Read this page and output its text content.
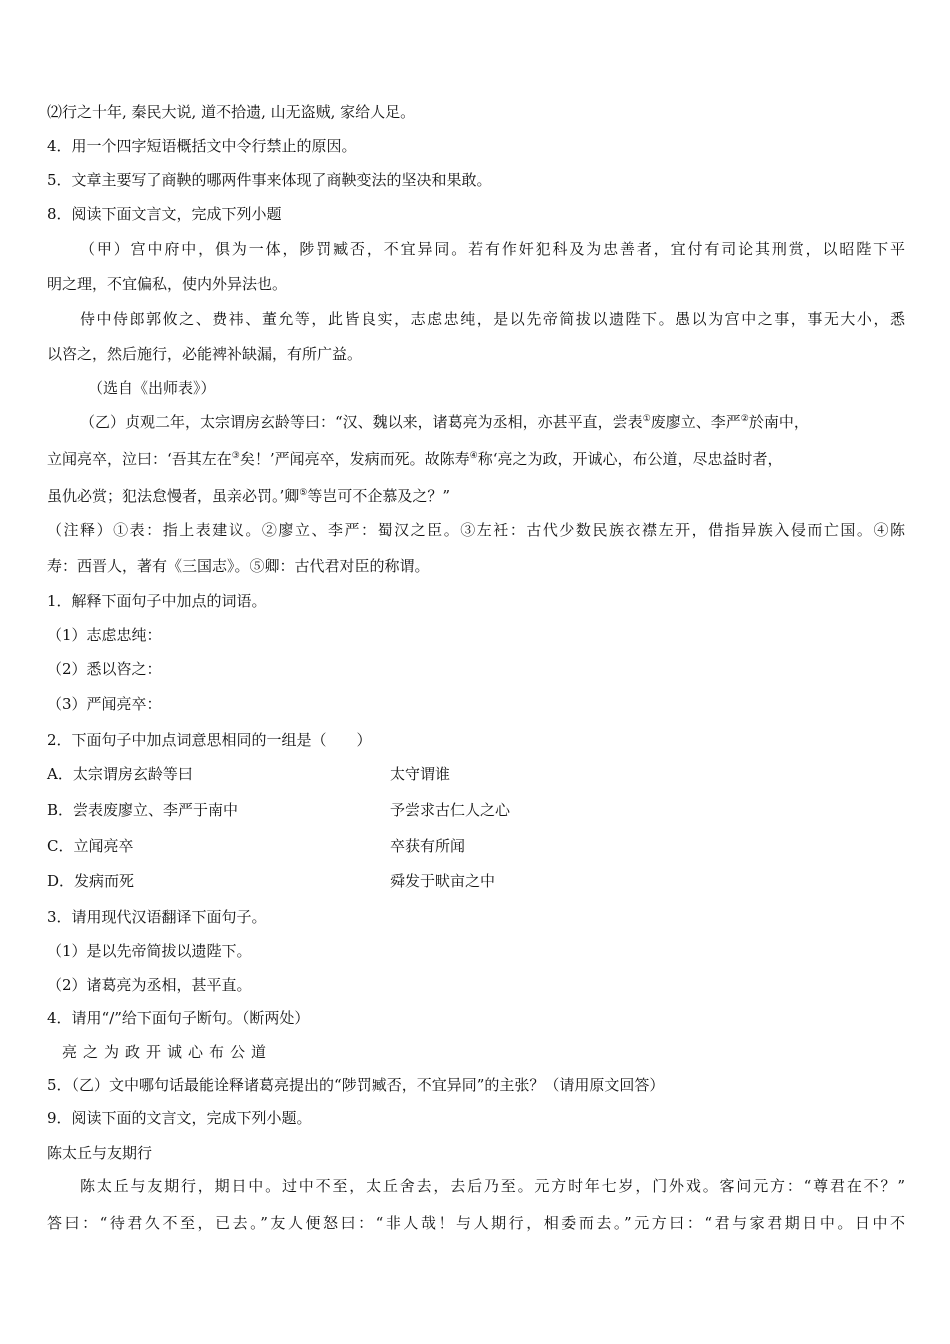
⑵行之十年, 秦民大说, 道不拾遗, 山无盗贼, 家给人足。
4．用一个四字短语概括文中令行禁止的原因。
5．文章主要写了商鞅的哪两件事来体现了商鞅变法的坚决和果敢。
8．阅读下面文言文，完成下列小题
（甲）宫中府中，俱为一体，陟罚臧否，不宜异同。若有作奸犯科及为忠善者，宜付有司论其刑赏，以昭陛下平
明之理，不宜偏私，使内外异法也。
侍中侍郎郭攸之、费祎、董允等，此皆良实，志虑忠纯，是以先帝简拔以遗陛下。愚以为宫中之事，事无大小，悉
以咨之，然后施行，必能裨补缺漏，有所广益。
（选自《出师表》）
（乙）贞观二年，太宗谓房玄龄等曰：“汉、魏以来，诸葛亮为丞相，亦甚平直，尝表①废廖立、李严②於南中，
立闻亮卒，泣曰：‘吾其左在③矣！’严闻亮卒，发病而死。故陈寿④称‘亮之为政，开诚心，布公道，尽忠益时者，
虽仇必赏；犯法怠慢者，虽亲必罚。’卿⑤等岂可不企慕及之？”
（注释）①表：指上表建议。②廖立、李严：蜀汉之臣。③左衽：古代少数民族衣襟左开，借指异族入侵而亡国。④陈
寿：西晋人，著有《三国志》。⑤卿：古代君对臣的称谓。
1．解释下面句子中加点的词语。
（1）志虑忠纯：
（2）悉以咨之：
（3）严闻亮卒：
2．下面句子中加点词意思相同的一组是（　　）
A．太宗谓房玄龄等曰	太守谓谁
B．尝表废廖立、李严于南中	予尝求古仁人之心
C．立闻亮卒	卒获有所闻
D．发病而死	舜发于畎亩之中
3．请用现代汉语翻译下面句子。
（1）是以先帝简拔以遗陛下。
（2）诸葛亮为丞相，甚平直。
4．请用“/”给下面句子断句。（断两处）
亮之为政开诚心布公道
5．（乙）文中哪句话最能诠释诸葛亮提出的“陟罚臧否，不宜异同”的主张？（请用原文回答）
9．阅读下面的文言文，完成下列小题。
陈太丘与友期行
陈太丘与友期行，期日中。过中不至，太丘舍去，去后乃至。元方时年七岁，门外戏。客问元方：“尊君在不？”
答曰：“待君久不至，已去。”友人便怒曰：“非人哉！与人期行，相委而去。”元方曰：“君与家君期日中。日中不
